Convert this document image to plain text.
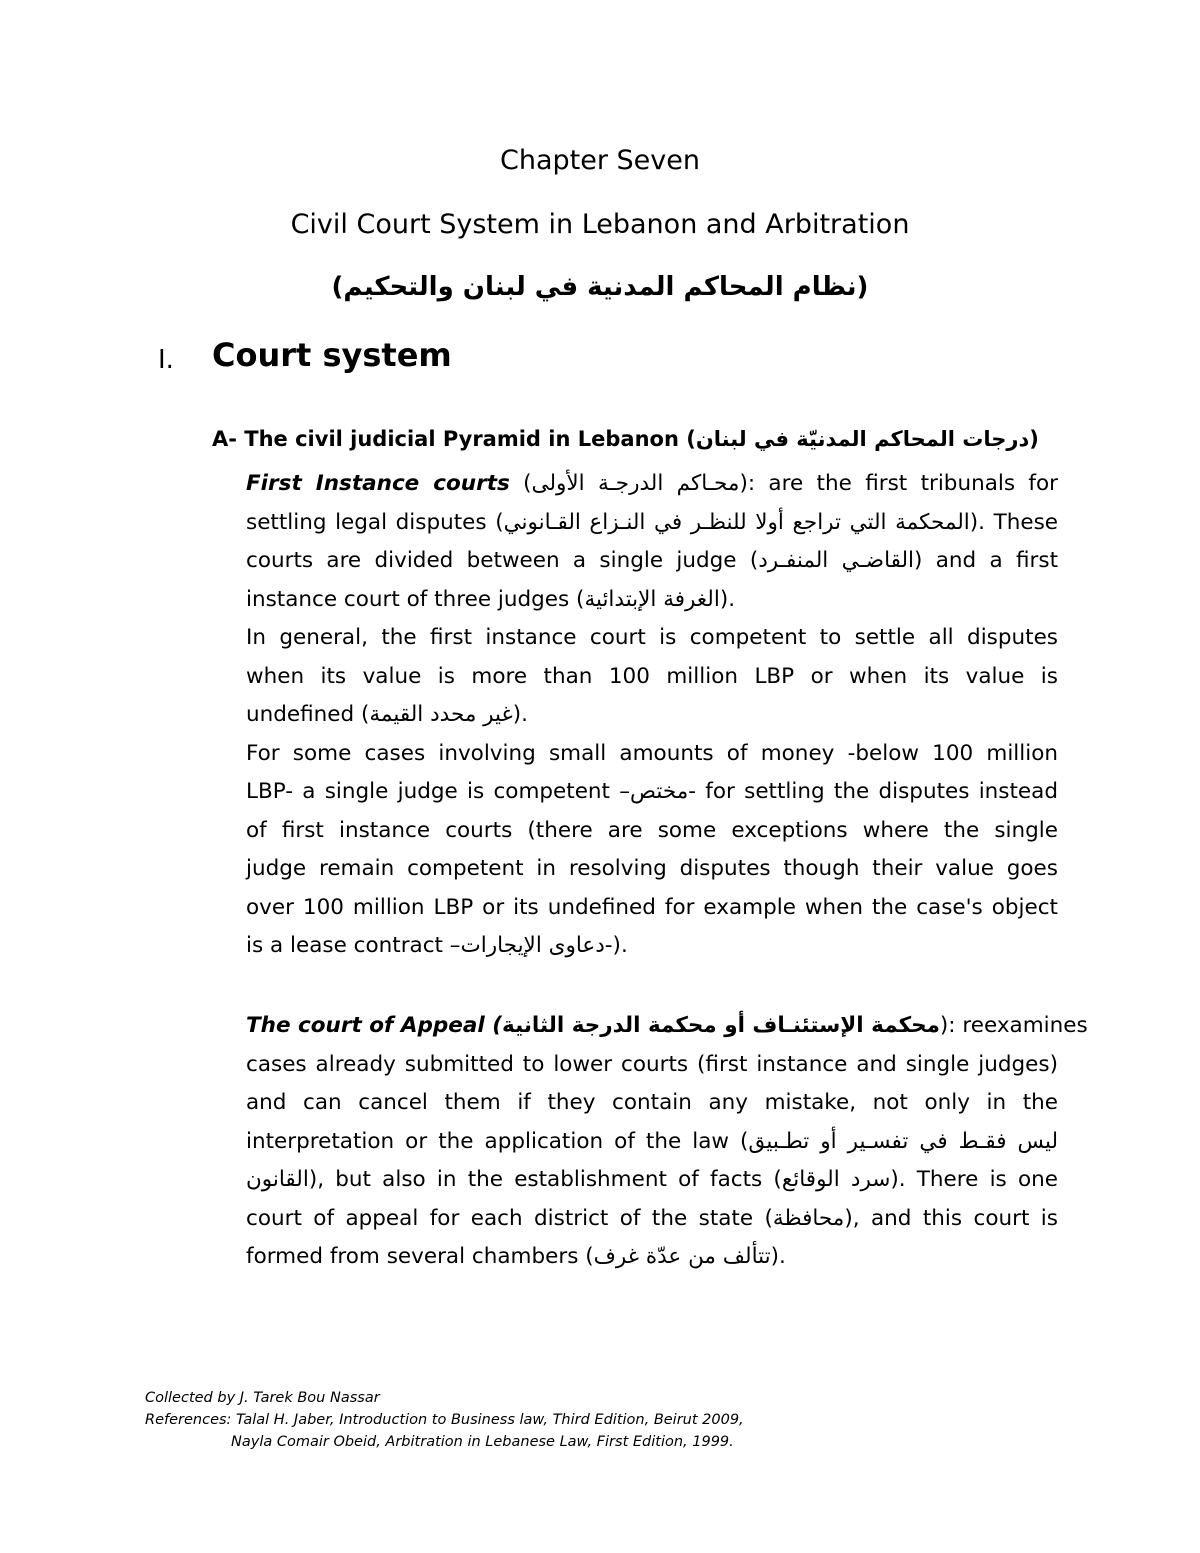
Chapter Seven
Civil Court System in Lebanon and Arbitration
(نظام المحاكم المدنية في لبنان والتحكيم)
I. Court system
A- The civil judicial Pyramid in Lebanon (درجات المحاكم المدنيّة في لبنان)
First Instance courts (محـاكم الدرجـة الأولى): are the first tribunals for
settling legal disputes (المحكمة التي تراجع أولا للنظـر في النـزاع القـانوني). These
courts are divided between a single judge (القاضـي المنفـرد) and a first
instance court of three judges (الغرفة الإبتدائية).
In general, the first instance court is competent to settle all disputes
when its value is more than 100 million LBP or when its value is
undefined (غير محدد القيمة).
For some cases involving small amounts of money -below 100 million
LBP- a single judge is competent –مختص- for settling the disputes instead
of first instance courts (there are some exceptions where the single
judge remain competent in resolving disputes though their value goes
over 100 million LBP or its undefined for example when the case's object
is a lease contract –دعاوى الإيجارات-).
The court of Appeal (محكمة الإستئنـاف أو محكمة الدرجة الثانية): reexamines
cases already submitted to lower courts (first instance and single judges)
and can cancel them if they contain any mistake, not only in the
interpretation or the application of the law (ليس فقـط في تفسـير أو تطـبيق
القانون), but also in the establishment of facts (سرد الوقائع). There is one
court of appeal for each district of the state (محافظة), and this court is
formed from several chambers (تتألف من عدّة غرف).
Collected by J. Tarek Bou Nassar
References: Talal H. Jaber, Introduction to Business law, Third Edition, Beirut 2009,
Nayla Comair Obeid, Arbitration in Lebanese Law, First Edition, 1999.
